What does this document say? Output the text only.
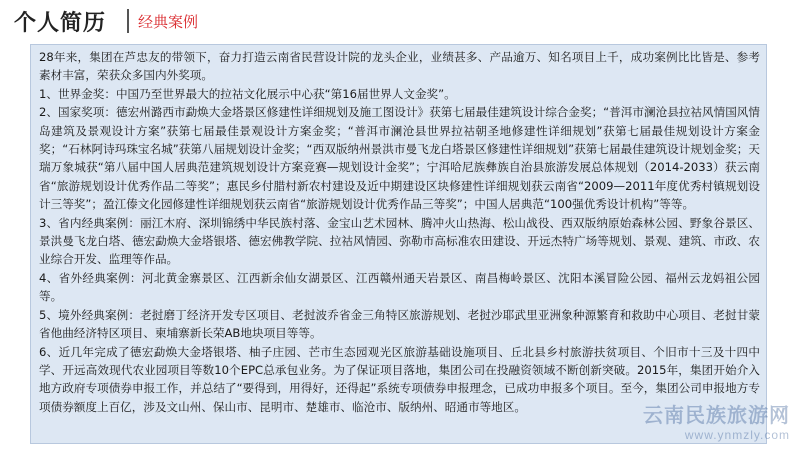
个人简历 经典案例

28年来，集团在芦忠友的带领下，奋力打造云南省民营设计院的龙头企业，业绩甚多、产品逾万、知名项目上千，成功案例比比皆是、参考素材丰富，荣获众多国内外奖项。

1、世界金奖：中国乃至世界最大的拉祜文化展示中心获“第16届世界人文金奖”。

2、国家奖项：德宏州潞西市勐焕大金塔景区修建性详细规划及施工图设计》获第七届最佳建筑设计综合金奖；“普洱市澜沧县拉祜风情国风情岛建筑及景观设计方案”获第七届最佳景观设计方案金奖；“普洱市澜沧县世界拉祜朝圣地修建性详细规划”获第七届最佳规划设计方案金奖；“石林阿诗玛珠宝名城”获第八届规划设计金奖；“西双版纳州景洪市曼飞龙白塔景区修建性详细规划”获第七届最佳建筑设计规划金奖；天瑞万象城获“第八届中国人居典范建筑规划设计方案竞赛—规划设计金奖”；宁洱哈尼族彝族自治县旅游发展总体规划（2014-2033）获云南省“旅游规划设计优秀作品二等奖”；惠民乡付腊村新农村建设及近中期建设区块修建性详细规划获云南省“2009—2011年度优秀村镇规划设计三等奖”；盈江傣文化园修建性详细规划获云南省“旅游规划设计优秀作品三等奖”；中国人居典范“100强优秀设计机构”等等。

3、省内经典案例：丽江木府、深圳锦绣中华民族村落、金宝山艺术园林、腾冲火山热海、松山战役、西双版纳原始森林公园、野象谷景区、景洪曼飞龙白塔、德宏勐焕大金塔银塔、德宏佛教学院、拉祜风情园、弥勒市高标准农田建设、开远杰特广场等规划、景观、建筑、市政、农业综合开发、监理等作品。

4、省外经典案例：河北黄金寨景区、江西新余仙女湖景区、江西赣州通天岩景区、南昌梅岭景区、沈阳本溪冒险公园、福州云龙妈祖公园等。

5、境外经典案例：老挝磨丁经济开发专区项目、老挝波乔省金三角特区旅游规划、老挝沙耶武里亚洲象种源繁育和救助中心项目、老挝甘蒙省他曲经济特区项目、柬埔寨新长荣AB地块项目等等。

6、近几年完成了德宏勐焕大金塔银塔、柚子庄园、芒市生态园观光区旅游基础设施项目、丘北县乡村旅游扶贫项目、个旧市十三及十四中学、开远高效现代农业园项目等数10个EPC总承包业务。为了保证项目落地，集团公司在投融资领域不断创新突破。2015年，集团开始介入地方政府专项债券申报工作，并总结了“要得到，用得好，还得起”系统专项债券申报理念，已成功申报多个项目。至今，集团公司申报地方专项债券额度上百亿，涉及文山州、保山市、昆明市、楚雄市、临沧市、版纳州、昭通市等地区。	云南民族旅游网
www.ynmzly.com
